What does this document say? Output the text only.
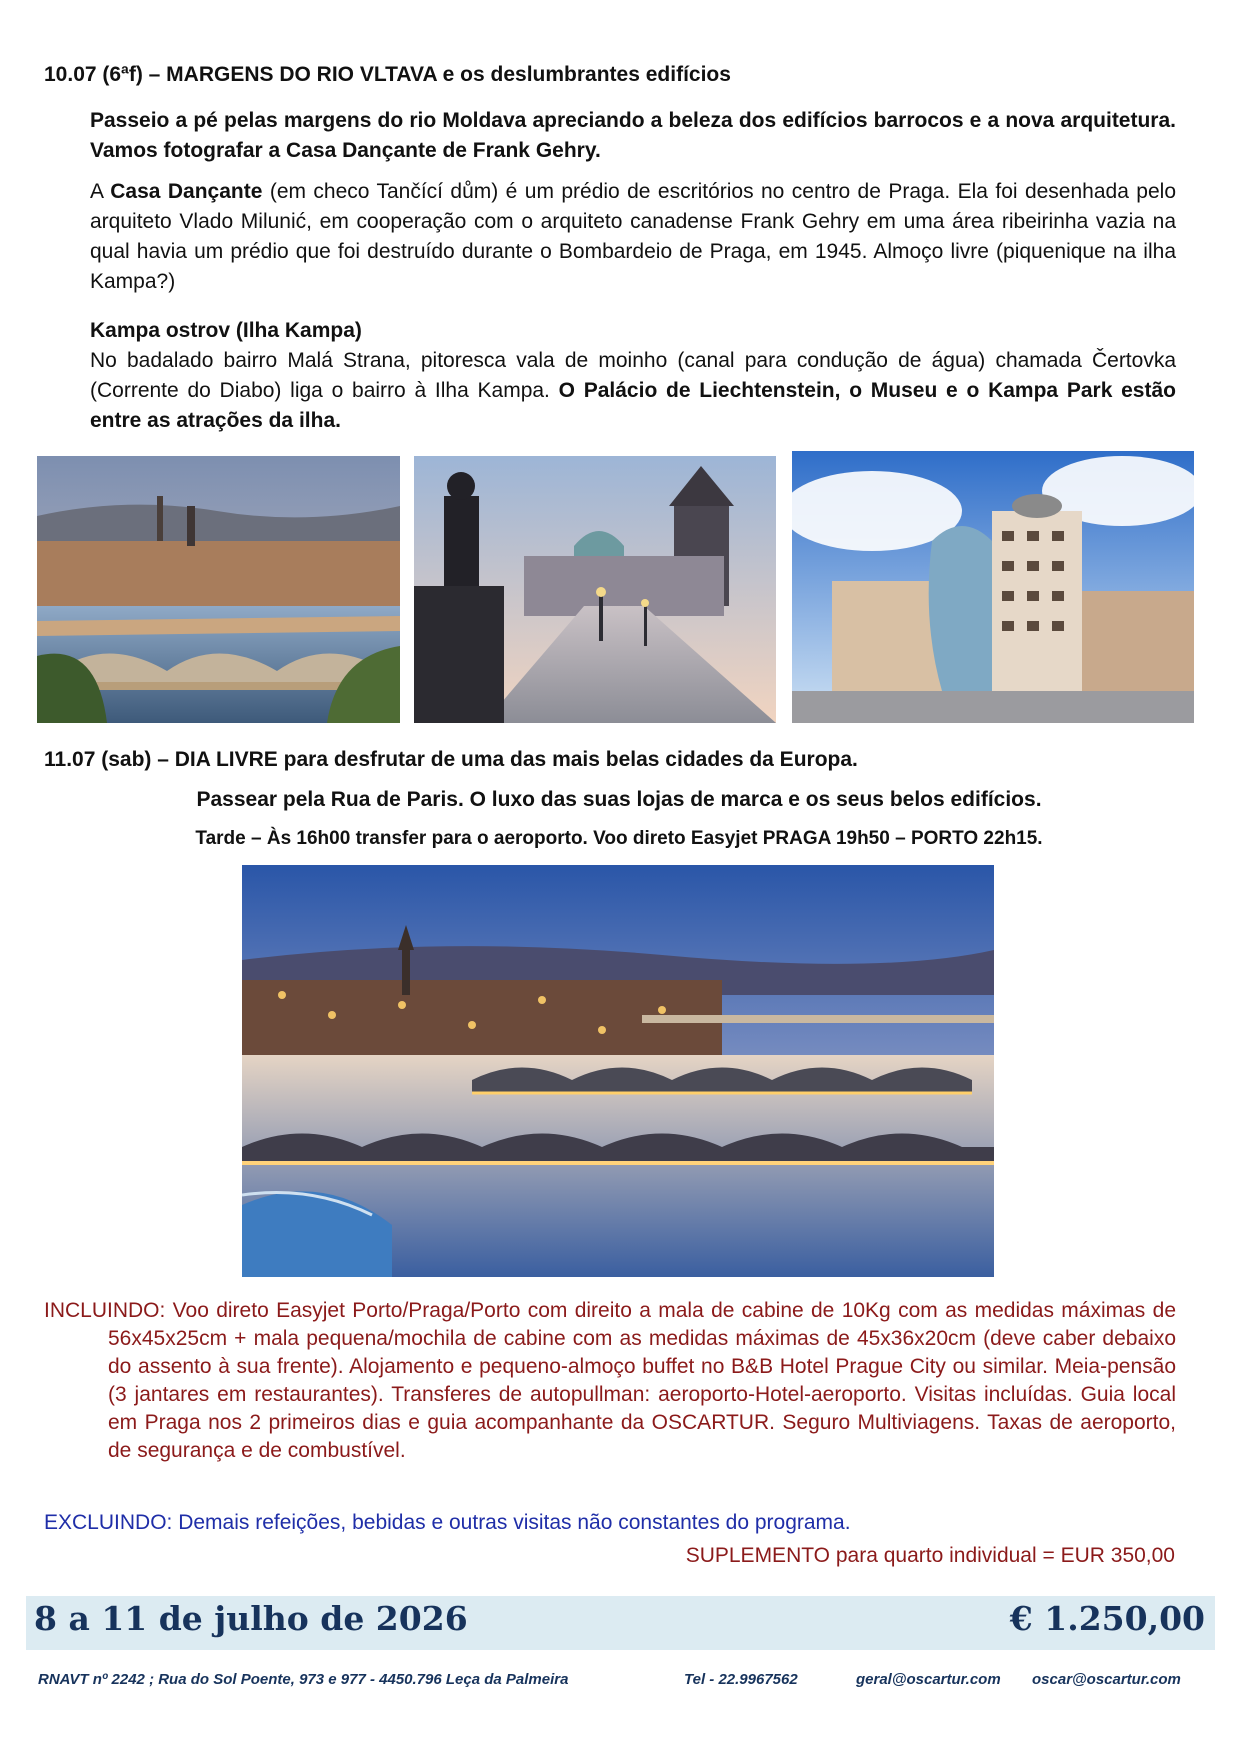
10.07 (6ªf) – MARGENS DO RIO VLTAVA e os deslumbrantes edifícios
Passeio a pé pelas margens do rio Moldava apreciando a beleza dos edifícios barrocos e a nova arquitetura. Vamos fotografar a Casa Dançante de Frank Gehry.
A Casa Dançante (em checo Tančící dům) é um prédio de escritórios no centro de Praga. Ela foi desenhada pelo arquiteto Vlado Milunić, em cooperação com o arquiteto canadense Frank Gehry em uma área ribeirinha vazia na qual havia um prédio que foi destruído durante o Bombardeio de Praga, em 1945. Almoço livre (piquenique na ilha Kampa?)
Kampa ostrov (Ilha Kampa)
No badalado bairro Malá Strana, pitoresca vala de moinho (canal para condução de água) chamada Čertovka (Corrente do Diabo) liga o bairro à Ilha Kampa. O Palácio de Liechtenstein, o Museu e o Kampa Park estão entre as atrações da ilha.
11.07 (sab) – DIA LIVRE para desfrutar de uma das mais belas cidades da Europa.
Passear pela Rua de Paris. O luxo das suas lojas de marca e os seus belos edifícios.
Tarde – Às 16h00 transfer para o aeroporto. Voo direto Easyjet PRAGA 19h50 – PORTO 22h15.
INCLUINDO: Voo direto Easyjet Porto/Praga/Porto com direito a mala de cabine de 10Kg com as medidas máximas de 56x45x25cm + mala pequena/mochila de cabine com as medidas máximas de 45x36x20cm (deve caber debaixo do assento à sua frente). Alojamento e pequeno-almoço buffet no B&B Hotel Prague City ou similar. Meia-pensão (3 jantares em restaurantes). Transferes de autopullman: aeroporto-Hotel-aeroporto. Visitas incluídas. Guia local em Praga nos 2 primeiros dias e guia acompanhante da OSCARTUR. Seguro Multiviagens. Taxas de aeroporto, de segurança e de combustível.
EXCLUINDO: Demais refeições, bebidas e outras visitas não constantes do programa.
SUPLEMENTO para quarto individual = EUR 350,00
8 a 11 de julho de 2026	€ 1.250,00
RNAVT nº 2242 ; Rua do Sol Poente, 973 e 977 - 4450.796 Leça da Palmeira	Tel - 22.9967562	geral@oscartur.com oscar@oscartur.com
